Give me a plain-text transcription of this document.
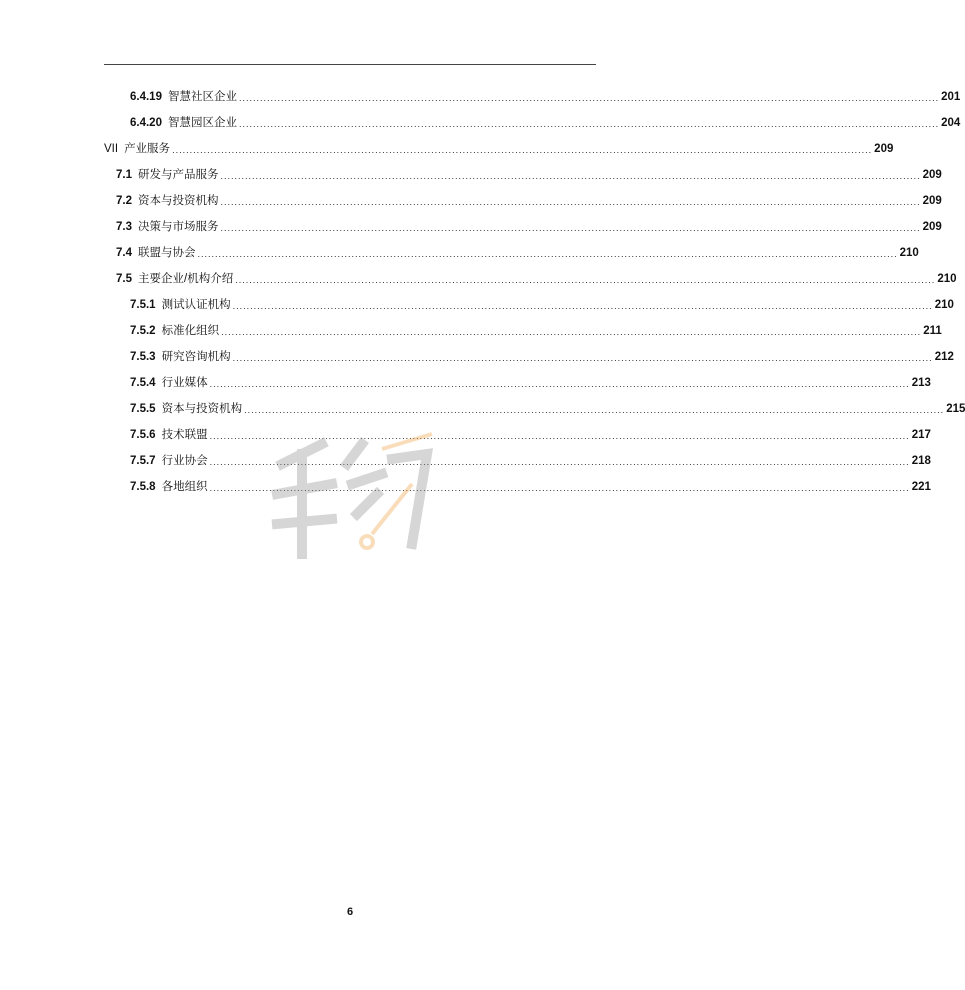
6.4.19 智慧社区企业 ........................................................................................................................................................................................................ 201
6.4.20 智慧园区企业 ........................................................................................................................................................................................................ 204
VII 产业服务 ........................................................................................................................................................................................................ 209
7.1 研发与产品服务 ........................................................................................................................................................................................................ 209
7.2 资本与投资机构 ........................................................................................................................................................................................................ 209
7.3 决策与市场服务 ........................................................................................................................................................................................................ 209
7.4 联盟与协会 ........................................................................................................................................................................................................ 210
7.5 主要企业/机构介绍 ........................................................................................................................................................................................................ 210
7.5.1 测试认证机构 ........................................................................................................................................................................................................ 210
7.5.2 标准化组织 ........................................................................................................................................................................................................ 211
7.5.3 研究咨询机构 ........................................................................................................................................................................................................ 212
7.5.4 行业媒体 ........................................................................................................................................................................................................ 213
7.5.5 资本与投资机构 ........................................................................................................................................................................................................ 215
7.5.6 技术联盟 ........................................................................................................................................................................................................ 217
7.5.7 行业协会 ........................................................................................................................................................................................................ 218
7.5.8 各地组织 ........................................................................................................................................................................................................ 221
6
